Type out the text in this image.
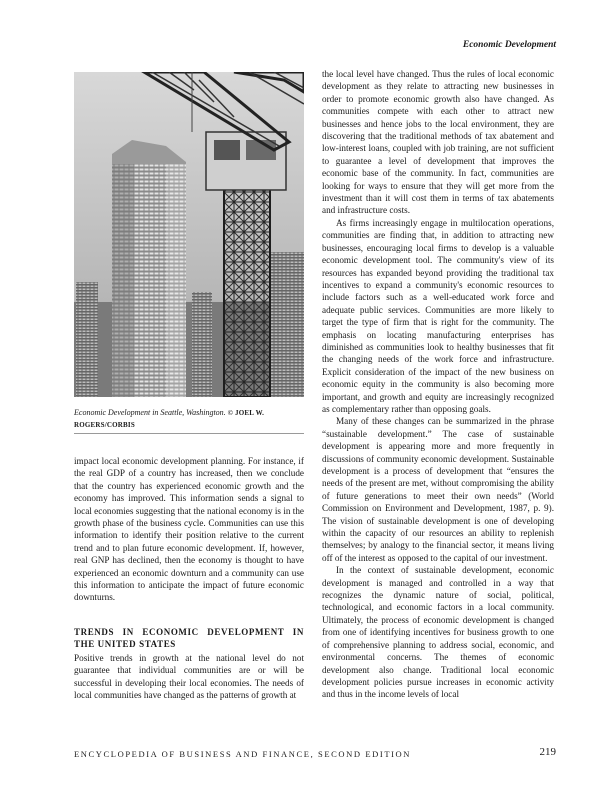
Economic Development
Economic Development in Seattle, Washington. © JOEL W. ROGERS/CORBIS

impact local economic development planning. For instance, if the real GDP of a country has increased, then we conclude that the country has experienced economic growth and the economy has improved. This information sends a signal to local economies suggesting that the national economy is in the growth phase of the business cycle. Communities can use this information to identify their position relative to the current trend and to plan future economic development. If, however, real GNP has declined, then the economy is thought to have experienced an economic downturn and a community can use this information to anticipate the impact of future economic downturns.

TRENDS IN ECONOMIC DEVELOPMENT IN THE UNITED STATES

Positive trends in growth at the national level do not guarantee that individual communities are or will be successful in developing their local economies. The needs of local communities have changed as the patterns of growth at

the local level have changed. Thus the rules of local economic development as they relate to attracting new businesses in order to promote economic growth also have changed. As communities compete with each other to attract new businesses and hence jobs to the local environment, they are discovering that the traditional methods of tax abatement and low-interest loans, coupled with job training, are not sufficient to guarantee a level of development that improves the economic base of the community. In fact, communities are looking for ways to ensure that they will get more from the investment than it will cost them in terms of tax abatements and infrastructure costs.

As firms increasingly engage in multilocation operations, communities are finding that, in addition to attracting new businesses, encouraging local firms to develop is a valuable economic development tool. The community's view of its resources has expanded beyond providing the traditional tax incentives to expand a community's economic resources to include factors such as a well-educated work force and adequate public services. Communities are more likely to target the type of firm that is right for the community. The emphasis on locating manufacturing enterprises has diminished as communities look to healthy businesses that fit the changing needs of the work force and infrastructure. Explicit consideration of the impact of the new business on economic equity in the community is also becoming more important, and growth and equity are increasingly recognized as complementary rather than opposing goals.

Many of these changes can be summarized in the phrase “sustainable development.” The case of sustainable development is appearing more and more frequently in discussions of community economic development. Sustainable development is a process of development that “ensures the needs of the present are met, without compromising the ability of future generations to meet their own needs” (World Commission on Environment and Development, 1987, p. 9). The vision of sustainable development is one of developing within the capacity of our resources an ability to replenish themselves; by analogy to the financial sector, it means living off of the interest as opposed to the capital of our investment.

In the context of sustainable development, economic development is managed and controlled in a way that recognizes the dynamic nature of social, political, technological, and economic factors in a local community. Ultimately, the process of economic development is changed from one of identifying incentives for business growth to one of comprehensive planning to address social, economic, and environmental concerns. The themes of economic development also change. Traditional local economic development policies pursue increases in economic activity and thus in the income levels of local

ENCYCLOPEDIA OF BUSINESS AND FINANCE, SECOND EDITION	219
